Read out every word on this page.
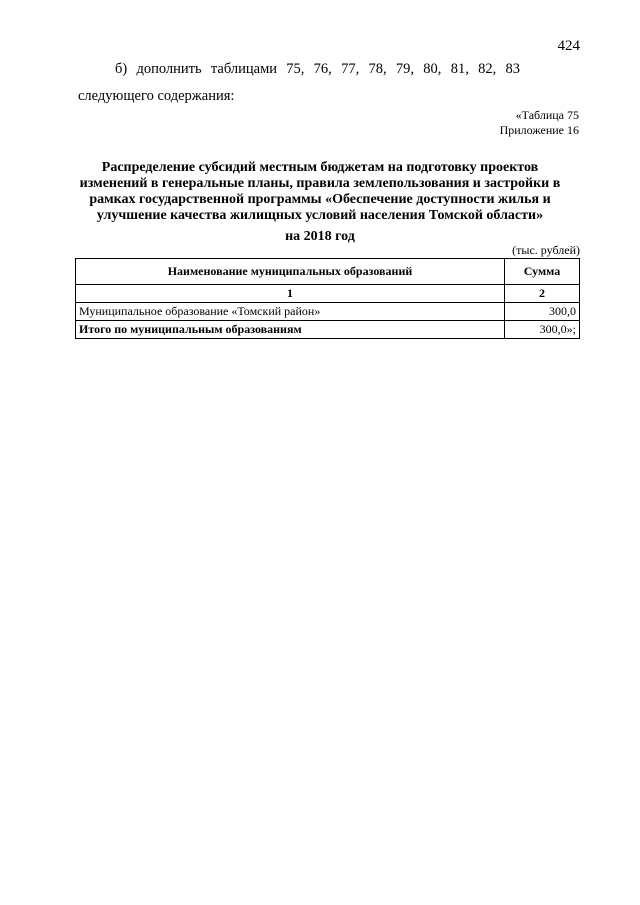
424
б) дополнить таблицами 75, 76, 77, 78, 79, 80, 81, 82, 83
следующего содержания:
«Таблица 75
Приложение 16
Распределение субсидий местным бюджетам на подготовку проектов изменений в генеральные планы, правила землепользования и застройки в рамках государственной программы «Обеспечение доступности жилья и улучшение качества жилищных условий населения Томской области»
на 2018 год
(тыс. рублей)
Наименование муниципальных образований	Сумма
1	2
Муниципальное образование «Томский район»	300,0
Итого по муниципальным образованиям	300,0»;
